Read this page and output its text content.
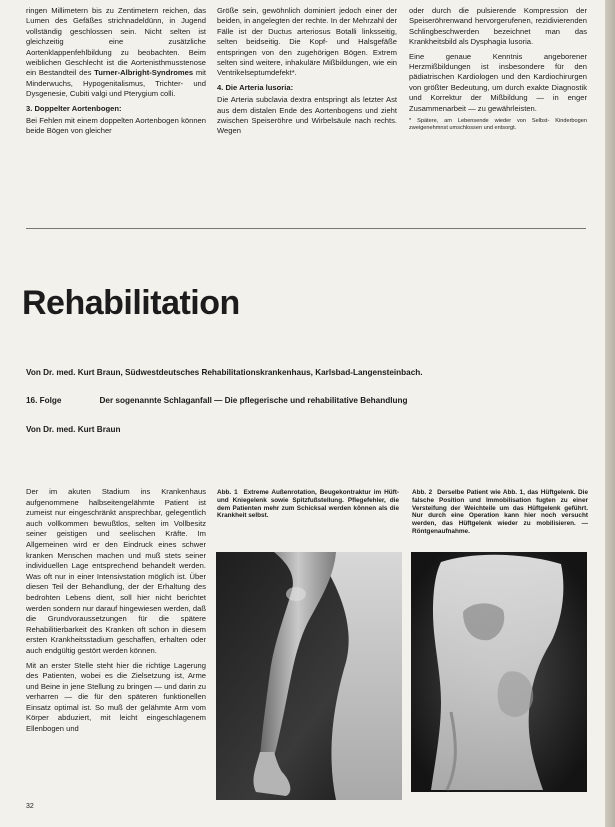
ringen Millimetern bis zu Zentimetern reichen, das Lumen des Gefäßes strichnadeldünn, in Jugend vollständig geschlossen sein. Nicht selten ist gleichzeitig eine zusätzliche Aortenklappenfehlbildung zu beobachten. Beim weiblichen Geschlecht ist die Aortenisthmusstenose ein Bestandteil des Turner-Albright-Syndromes mit Minderwuchs, Hypogenitalismus, Trichter- und Dysgenesie, Cubiti valgi und Pterygium colli.

3. Doppelter Aortenbogen:

Bei Fehlen mit einem doppelten Aortenbogen können beide Bögen von gleicher

Größe sein, gewöhnlich dominiert jedoch einer der beiden, in angelegten der rechte. In der Mehrzahl der Fälle ist der Ductus arteriosus Botalli linksseitig, selten beidseitig. Die Kopf- und Halsgefäße entspringen von den zugehörigen Bögen. Extrem selten sind weitere, inhakuläre Mißbildungen, wie ein Ventrikelseptumdefekt*.

4. Die Arteria lusoria:

Die Arteria subclavia dextra entspringt als letzter Ast aus dem distalen Ende des Aortenbogens und zieht zwischen Speiseröhre und Wirbelsäule nach rechts. Wegen

oder durch die pulsierende Kompression der Speiseröhrenwand hervorgerufenen, rezidivierenden Schlingbeschwerden bezeichnet man das Krankheitsbild als Dysphagia lusoria.

Eine genaue Kenntnis angeborener Herzmißbildungen ist insbesondere für den pädiatrischen Kardiologen und den Kardiochirurgen von größter Bedeutung, um durch exakte Diagnostik und Korrektur der Mißbildung — in enger Zusammenarbeit — zu gewährleisten.

* Spätere, am Lebensende wieder von Selbst- Kinderbogen zweigenehmnst umschlossen und entsorgt.
Rehabilitation
Von Dr. med. Kurt Braun, Südwestdeutsches Rehabilitationskrankenhaus, Karlsbad-Langensteinbach.
16. Folge	Der sogenannte Schlaganfall — Die pflegerische und rehabilitative Behandlung
Von Dr. med. Kurt Braun

Der im akuten Stadium ins Krankenhaus aufgenommene halbseitengelähmte Patient ist zumeist nur eingeschränkt ansprechbar, gelegentlich auch vollkommen bewußtlos, selten im Vollbesitz seiner geistigen und seelischen Kräfte. Im Allgemeinen wird er den Eindruck eines schwer kranken Menschen machen und muß stets seiner individuellen Lage entsprechend behandelt werden. Was oft nur in einer Intensivstation möglich ist. Über diesen Teil der Behandlung, der der Erhaltung des bedrohten Lebens dient, soll hier nicht berichtet werden sondern nur darauf hingewiesen werden, daß die Grundvoraussetzungen für die spätere Rehabilitierbarkeit des Kranken oft schon in diesem ersten Krankheitsstadium geschaffen, erhalten oder auch endgültig gestört werden können.

Mit an erster Stelle steht hier die richtige Lagerung des Patienten, wobei es die Zielsetzung ist, Arme und Beine in jene Stellung zu bringen — und darin zu verharren — die für den späteren funktionellen Einsatz optimal ist. So muß der gelähmte Arm vom Körper abduziert, mit leicht eingeschlagenem Ellenbogen und

Abb. 1 Extreme Außenrotation, Beugekontraktur im Hüft- und Kniegelenk sowie Spitzfußstellung. Pflegefehler, die dem Patienten mehr zum Schicksal werden können als die Krankheit selbst.
Abb. 2 Derselbe Patient wie Abb. 1, das Hüftgelenk. Die falsche Position und Immobilisation fugten zu einer Versteifung der Weichteile um das Hüftgelenk geführt. Nur durch eine Operation kann hier noch versucht werden, das Hüftgelenk wieder zu mobilisieren. — Röntgenaufnahme.
32
